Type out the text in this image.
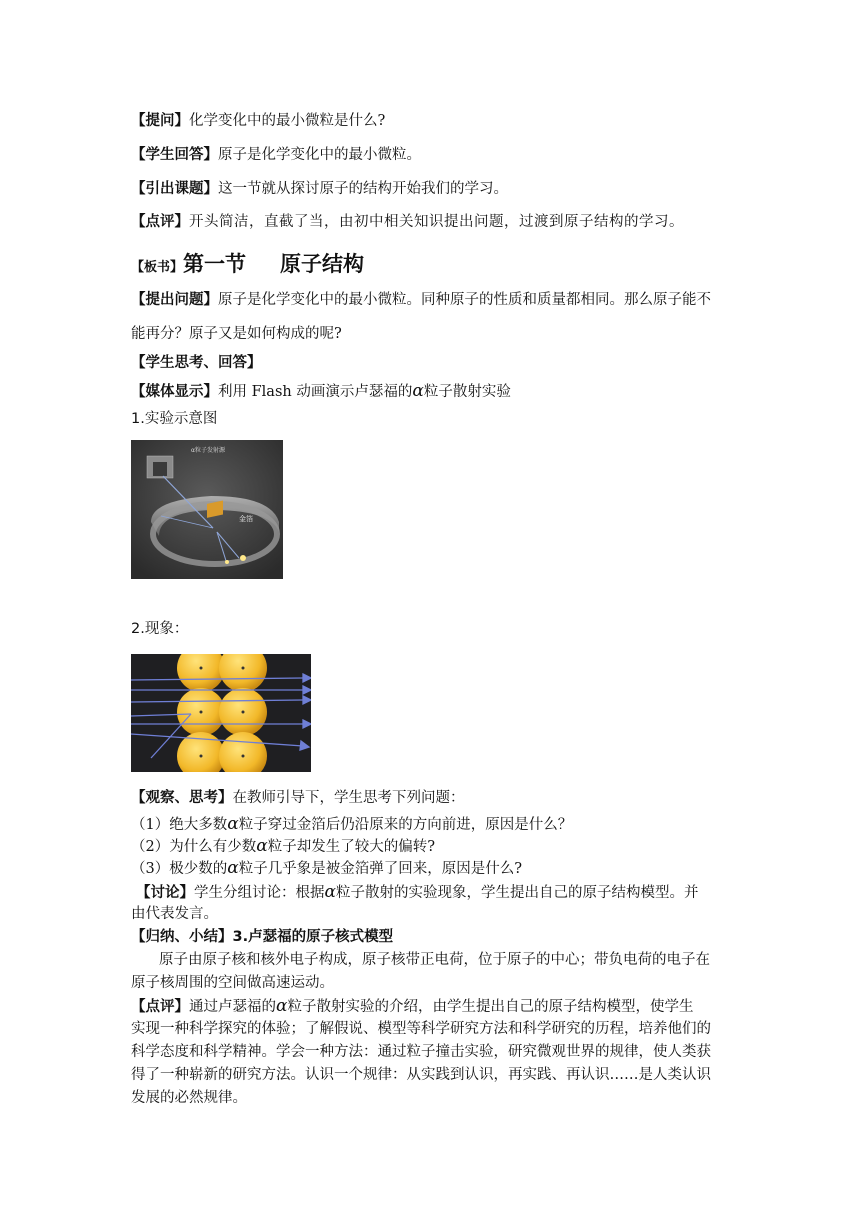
【提问】化学变化中的最小微粒是什么?
【学生回答】原子是化学变化中的最小微粒。
【引出课题】这一节就从探讨原子的结构开始我们的学习。
【点评】开头简洁，直截了当，由初中相关知识提出问题，过渡到原子结构的学习。
【板书】第一节 原子结构
【提出问题】原子是化学变化中的最小微粒。同种原子的性质和质量都相同。那么原子能不
能再分？原子又是如何构成的呢?
【学生思考、回答】
【媒体显示】利用 Flash 动画演示卢瑟福的α粒子散射实验
1.实验示意图
α粒子发射源
金箔
2.现象：
【观察、思考】在教师引导下，学生思考下列问题：
（1）绝大多数α粒子穿过金箔后仍沿原来的方向前进，原因是什么？
（2）为什么有少数α粒子却发生了较大的偏转?
（3）极少数的α粒子几乎象是被金箔弹了回来，原因是什么?
【讨论】学生分组讨论：根据α粒子散射的实验现象，学生提出自己的原子结构模型。并
由代表发言。
【归纳、小结】3.卢瑟福的原子核式模型
原子由原子核和核外电子构成，原子核带正电荷，位于原子的中心；带负电荷的电子在
原子核周围的空间做高速运动。
【点评】通过卢瑟福的α粒子散射实验的介绍，由学生提出自己的原子结构模型，使学生
实现一种科学探究的体验；了解假说、模型等科学研究方法和科学研究的历程，培养他们的
科学态度和科学精神。学会一种方法：通过粒子撞击实验，研究微观世界的规律，使人类获
得了一种崭新的研究方法。认识一个规律：从实践到认识，再实践、再认识……是人类认识
发展的必然规律。
